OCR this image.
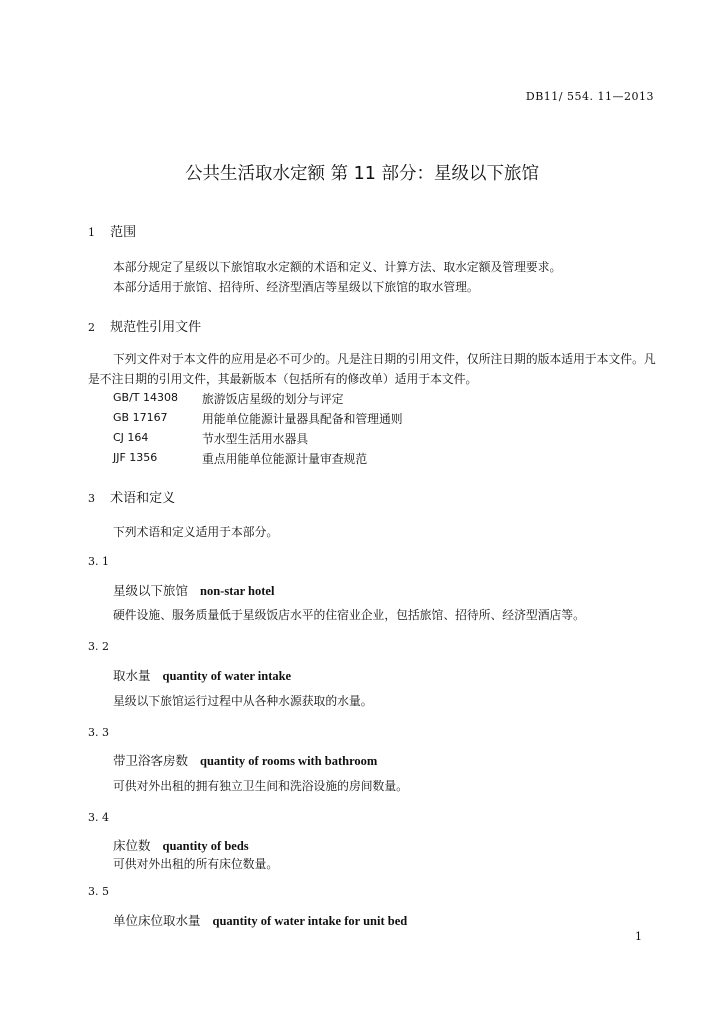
DB11/ 554. 11—2013
公共生活取水定额 第 11 部分：星级以下旅馆
1 范围
本部分规定了星级以下旅馆取水定额的术语和定义、计算方法、取水定额及管理要求。
本部分适用于旅馆、招待所、经济型酒店等星级以下旅馆的取水管理。
2 规范性引用文件
下列文件对于本文件的应用是必不可少的。凡是注日期的引用文件，仅所注日期的版本适用于本文件。凡是不注日期的引用文件，其最新版本（包括所有的修改单）适用于本文件。
GB/T 14308 旅游饭店星级的划分与评定
GB 17167	用能单位能源计量器具配备和管理通则
CJ 164	节水型生活用水器具
JJF 1356	重点用能单位能源计量审查规范
3 术语和定义
下列术语和定义适用于本部分。
3. 1
星级以下旅馆 non-star hotel
硬件设施、服务质量低于星级饭店水平的住宿业企业，包括旅馆、招待所、经济型酒店等。
3. 2
取水量 quantity of water intake
星级以下旅馆运行过程中从各种水源获取的水量。
3. 3
带卫浴客房数 quantity of rooms with bathroom
可供对外出租的拥有独立卫生间和洗浴设施的房间数量。
3. 4
床位数 quantity of beds
可供对外出租的所有床位数量。
3. 5
单位床位取水量 quantity of water intake for unit bed
1
